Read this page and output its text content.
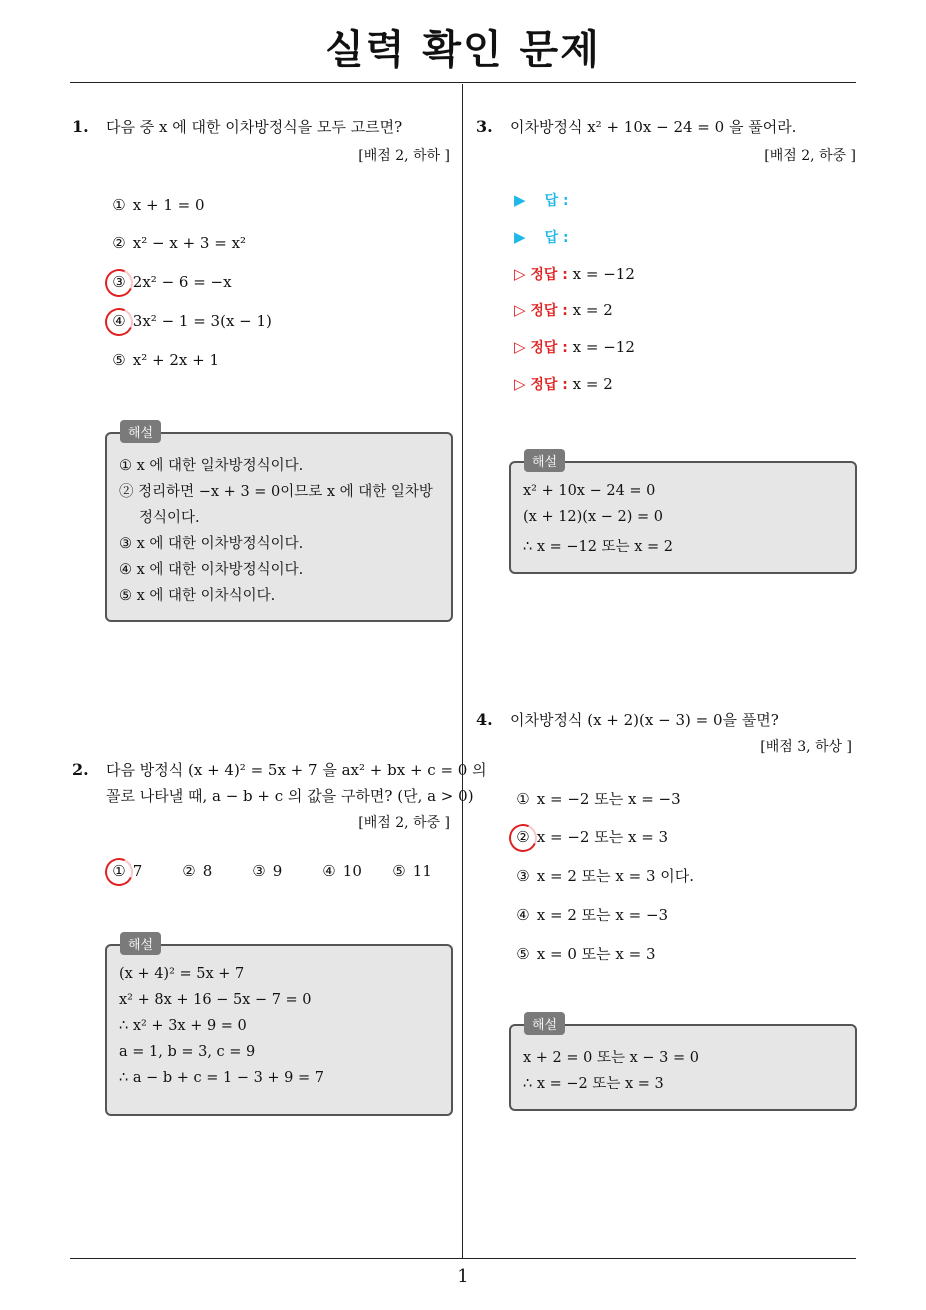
실력 확인 문제
1
1. 다음 중 x 에 대한 이차방정식을 모두 고르면?
[배점 2, 하하 ]
① x + 1 = 0
② x² − x + 3 = x²
③ 2x² − 6 = −x
④ 3x² − 1 = 3(x − 1)
⑤ x² + 2x + 1
① x 에 대한 일차방정식이다.
② 정리하면 −x + 3 = 0이므로 x 에 대한 일차방
정식이다.
③ x 에 대한 이차방정식이다.
④ x 에 대한 이차방정식이다.
⑤ x 에 대한 이차식이다.
해설
2. 다음 방정식 (x + 4)² = 5x + 7 을 ax² + bx + c = 0 의
꼴로 나타낼 때, a − b + c 의 값을 구하면? (단, a > 0)
[배점 2, 하중 ]
① 7	② 8	③ 9	④ 10 ⑤ 11
(x + 4)² = 5x + 7
x² + 8x + 16 − 5x − 7 = 0
∴ x² + 3x + 9 = 0
a = 1, b = 3, c = 9
∴ a − b + c = 1 − 3 + 9 = 7
해설
3. 이차방정식 x² + 10x − 24 = 0 을 풀어라.
[배점 2, 하중 ]
▶ 답 :
▶ 답 :
▷ 정답 : x = −12
▷ 정답 : x = 2
▷ 정답 : x = −12
▷ 정답 : x = 2
x² + 10x − 24 = 0
(x + 12)(x − 2) = 0
∴ x = −12 또는 x = 2
해설
4. 이차방정식 (x + 2)(x − 3) = 0을 풀면?
[배점 3, 하상 ]
① x = −2 또는 x = −3
② x = −2 또는 x = 3
③ x = 2 또는 x = 3 이다.
④ x = 2 또는 x = −3
⑤ x = 0 또는 x = 3
x + 2 = 0 또는 x − 3 = 0
∴ x = −2 또는 x = 3
해설
